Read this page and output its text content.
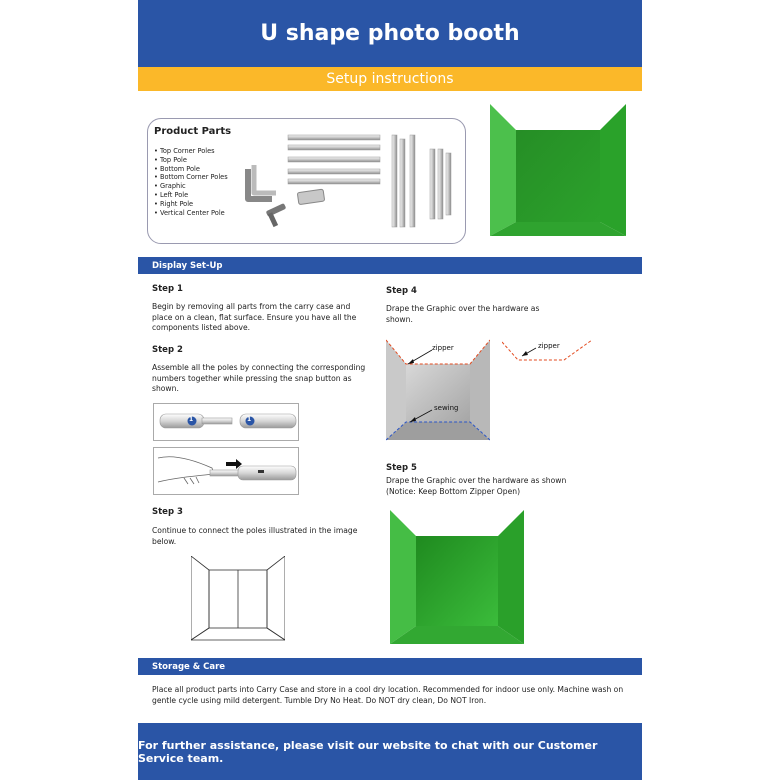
U shape photo booth
Setup instructions
Product Parts
• Top Corner Poles
• Top Pole
• Bottom Pole
• Bottom Corner Poles
• Graphic
• Left Pole
• Right Pole
• Vertical Center Pole
Display Set-Up
Step 1

Begin by removing all parts from the carry case and place on a clean, flat surface. Ensure you have all the components listed above.

Step 2

Assemble all the poles by connecting the corresponding numbers together while pressing the snap button as shown.

1	1
Step 3

Continue to connect the poles illustrated in the image below.

Step 4

Drape the Graphic over the hardware as shown.

zipper
sewing
zipper
Step 5

Drape the Graphic over the hardware as shown (Notice: Keep Bottom Zipper Open)

Storage & Care

Place all product parts into Carry Case and store in a cool dry location. Recommended for indoor use only. Machine wash on gentle cycle using mild detergent. Tumble Dry No Heat. Do NOT dry clean, Do NOT Iron.

For further assistance, please visit our website to chat with our Customer Service team.
